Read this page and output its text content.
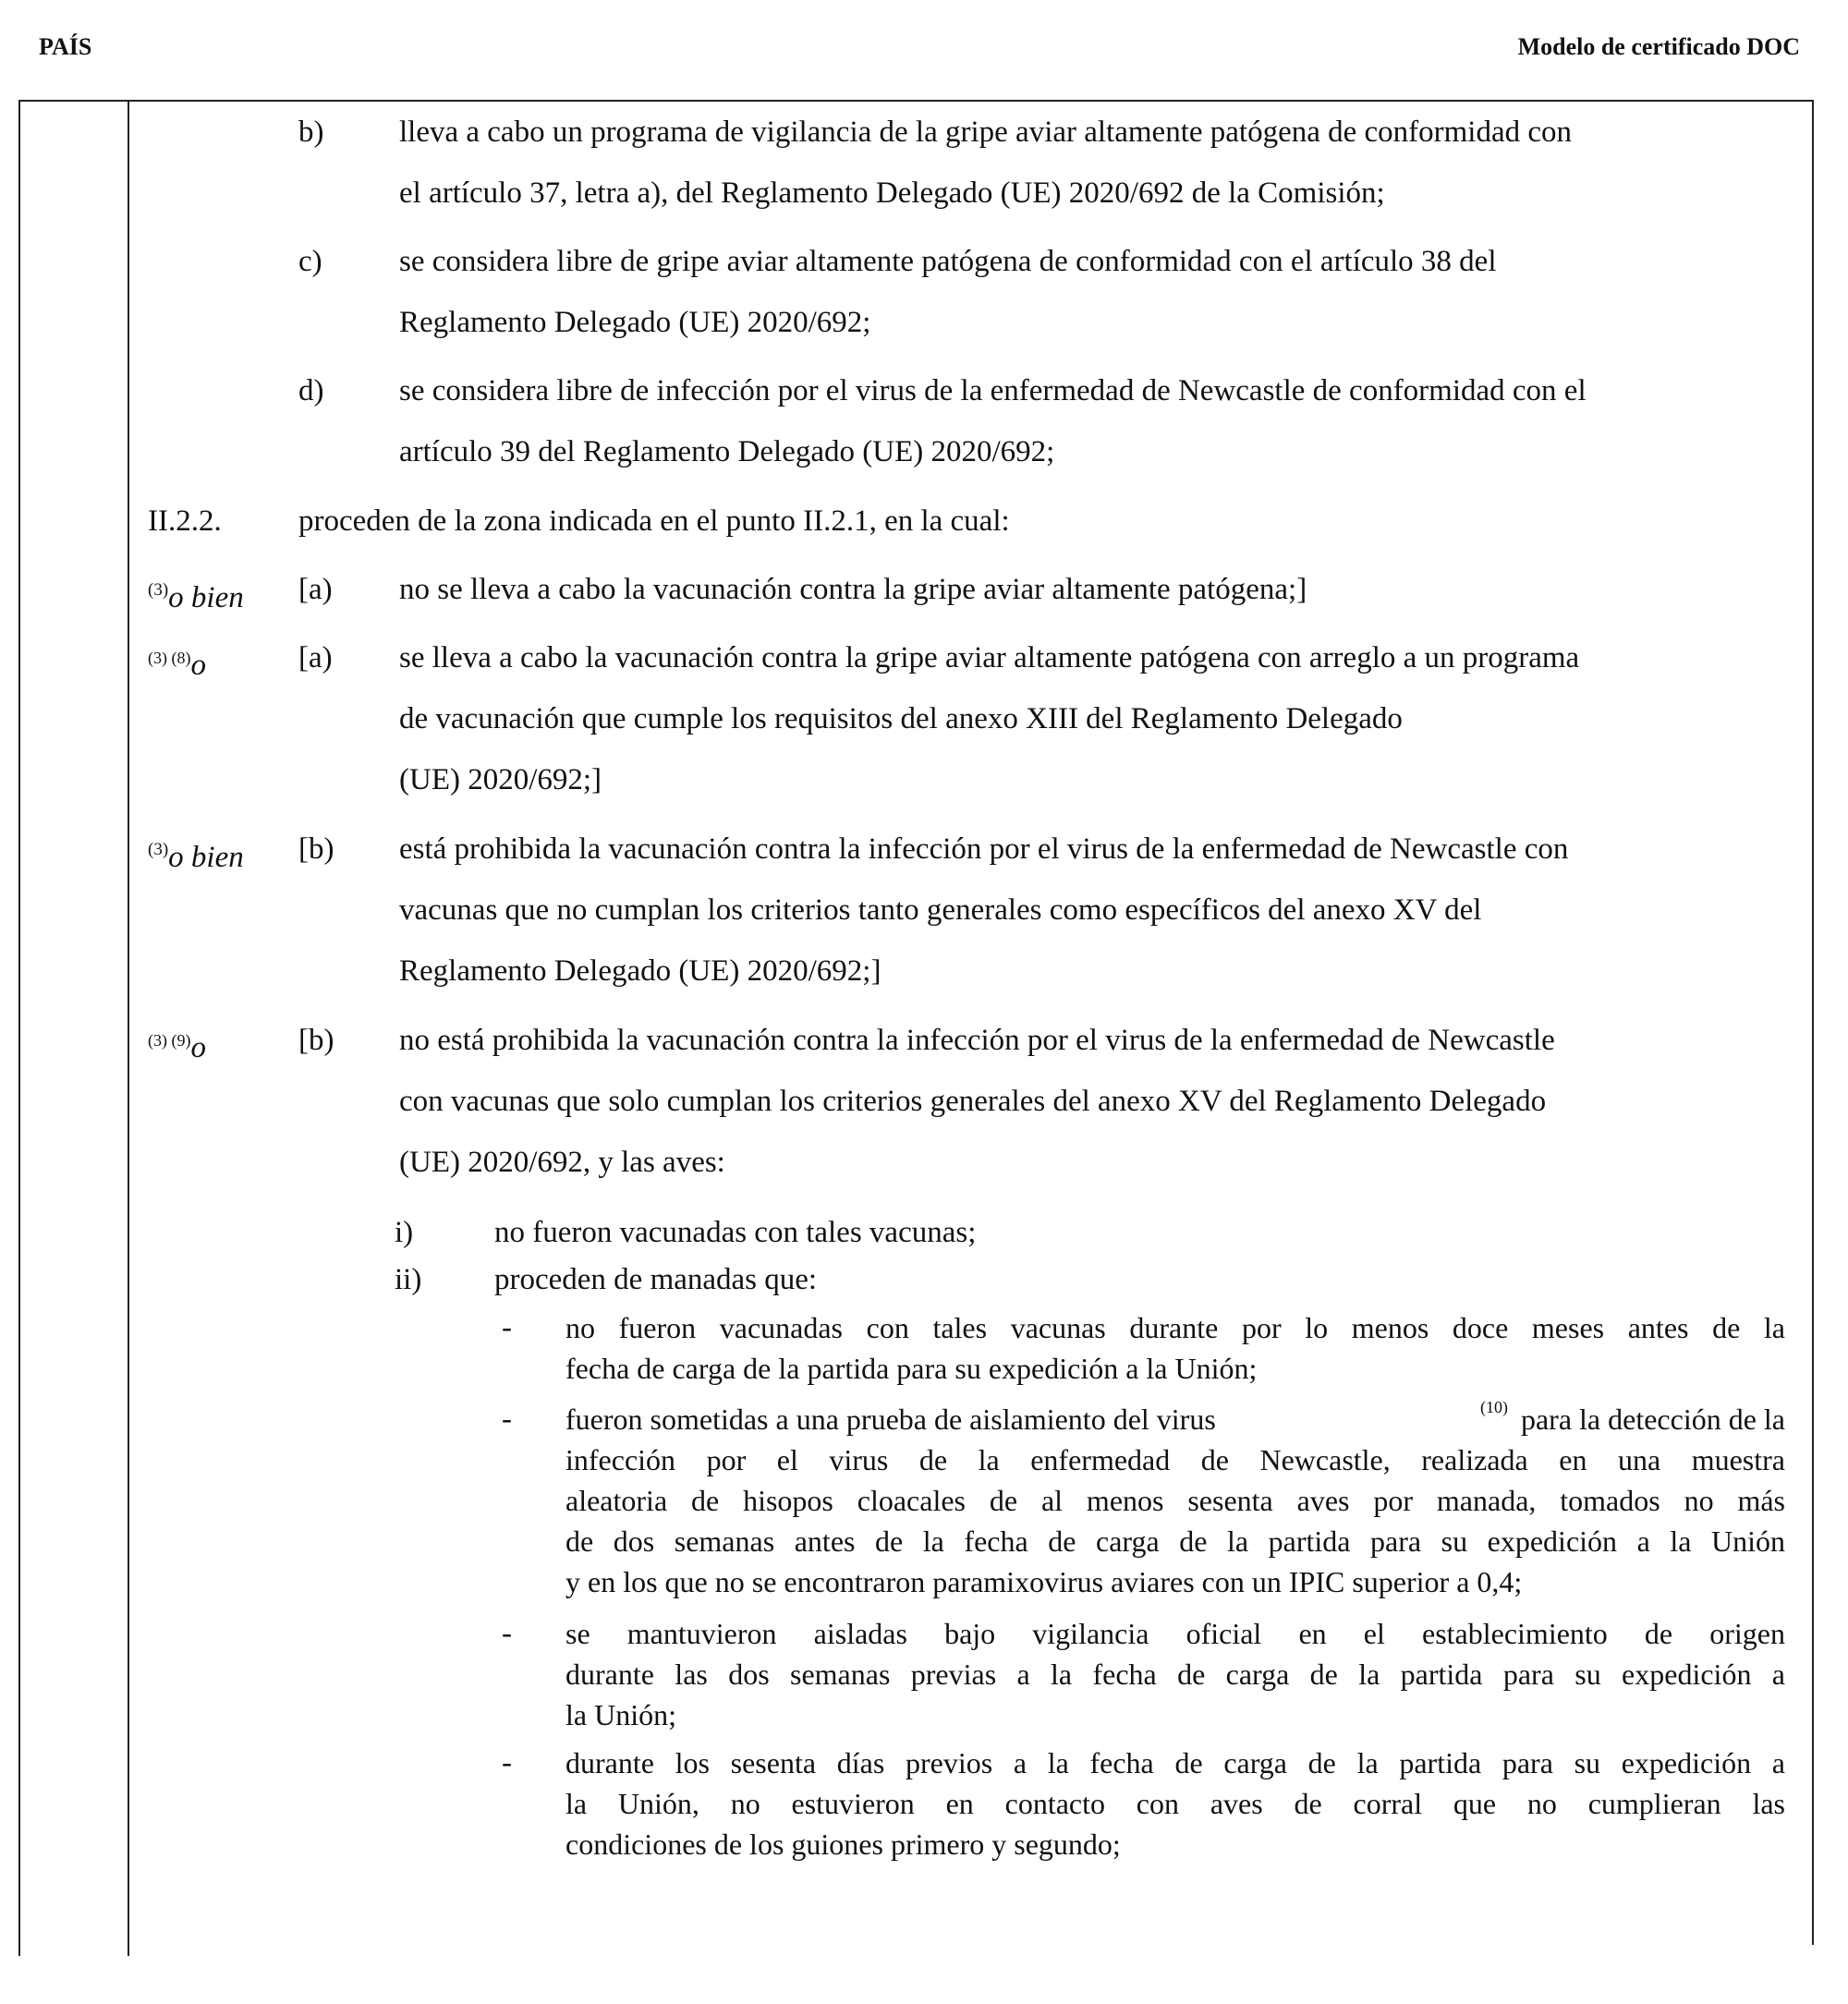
PAÍS	Modelo de certificado DOC
b) lleva a cabo un programa de vigilancia de la gripe aviar altamente patógena de conformidad con
el artículo 37, letra a), del Reglamento Delegado (UE) 2020/692 de la Comisión;
c)	se considera libre de gripe aviar altamente patógena de conformidad con el artículo 38 del
Reglamento Delegado (UE) 2020/692;
d) se considera libre de infección por el virus de la enfermedad de Newcastle de conformidad con el
artículo 39 del Reglamento Delegado (UE) 2020/692;
II.2.2.	proceden de la zona indicada en el punto II.2.1, en la cual:
$^{(3)}$o bien [a) no se lleva a cabo la vacunación contra la gripe aviar altamente patógena;]
$^{(3) (8)}$o	[a) se lleva a cabo la vacunación contra la gripe aviar altamente patógena con arreglo a un programa
de vacunación que cumple los requisitos del anexo XIII del Reglamento Delegado
(UE) 2020/692;]
$^{(3)}$o bien [b) está prohibida la vacunación contra la infección por el virus de la enfermedad de Newcastle con
vacunas que no cumplan los criterios tanto generales como específicos del anexo XV del
Reglamento Delegado (UE) 2020/692;]
$^{(3) (9)}$o	[b) no está prohibida la vacunación contra la infección por el virus de la enfermedad de Newcastle
con vacunas que solo cumplan los criterios generales del anexo XV del Reglamento Delegado
(UE) 2020/692, y las aves:
i)	no fueron vacunadas con tales vacunas;
ii) proceden de manadas que:
- no fueron vacunadas con tales vacunas durante por lo menos doce meses antes de la
fecha de carga de la partida para su expedición a la Unión;
- fueron sometidas a una prueba de aislamiento del virus	(10) para la detección de la
infección por el virus de la enfermedad de Newcastle, realizada en una muestra
aleatoria de hisopos cloacales de al menos sesenta aves por manada, tomados no más
de dos semanas antes de la fecha de carga de la partida para su expedición a la Unión
y en los que no se encontraron paramixovirus aviares con un IPIC superior a 0,4;
- se mantuvieron aisladas bajo vigilancia oficial en el establecimiento de origen
durante las dos semanas previas a la fecha de carga de la partida para su expedición a
la Unión;
- durante los sesenta días previos a la fecha de carga de la partida para su expedición a
la Unión, no estuvieron en contacto con aves de corral que no cumplieran las
condiciones de los guiones primero y segundo;
